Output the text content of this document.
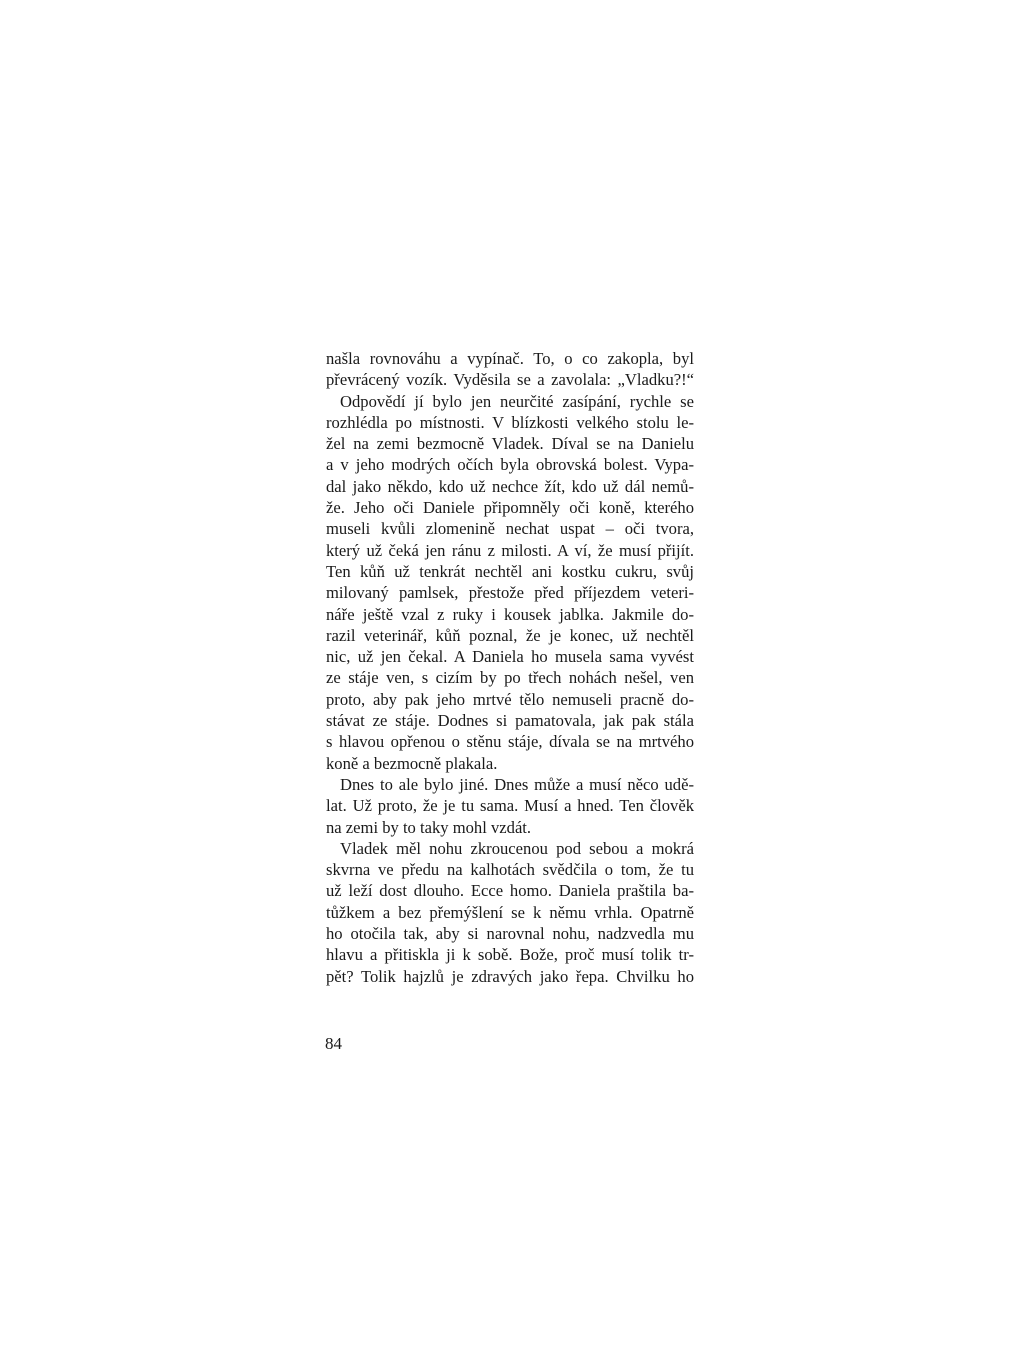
našla rovnováhu a vypínač. To, o co zakopla, byl
převrácený vozík. Vyděsila se a zavolala: „Vladku?!“
Odpovědí jí bylo jen neurčité zasípání, rychle se
rozhlédla po místnosti. V blízkosti velkého stolu le-
žel na zemi bezmocně Vladek. Díval se na Danielu
a v jeho modrých očích byla obrovská bolest. Vypa-
dal jako někdo, kdo už nechce žít, kdo už dál nemů-
že. Jeho oči Daniele připomněly oči koně, kterého
museli kvůli zlomenině nechat uspat – oči tvora,
který už čeká jen ránu z milosti. A ví, že musí přijít.
Ten kůň už tenkrát nechtěl ani kostku cukru, svůj
milovaný pamlsek, přestože před příjezdem veteri-
náře ještě vzal z ruky i kousek jablka. Jakmile do-
razil veterinář, kůň poznal, že je konec, už nechtěl
nic, už jen čekal. A Daniela ho musela sama vyvést
ze stáje ven, s cizím by po třech nohách nešel, ven
proto, aby pak jeho mrtvé tělo nemuseli pracně do-
stávat ze stáje. Dodnes si pamatovala, jak pak stála
s hlavou opřenou o stěnu stáje, dívala se na mrtvého
koně a bezmocně plakala.
Dnes to ale bylo jiné. Dnes může a musí něco udě-
lat. Už proto, že je tu sama. Musí a hned. Ten člověk
na zemi by to taky mohl vzdát.
Vladek měl nohu zkroucenou pod sebou a mokrá
skvrna ve předu na kalhotách svědčila o tom, že tu
už leží dost dlouho. Ecce homo. Daniela praštila ba-
tůžkem a bez přemýšlení se k němu vrhla. Opatrně
ho otočila tak, aby si narovnal nohu, nadzvedla mu
hlavu a přitiskla ji k sobě. Bože, proč musí tolik tr-
pět? Tolik hajzlů je zdravých jako řepa. Chvilku ho
84
